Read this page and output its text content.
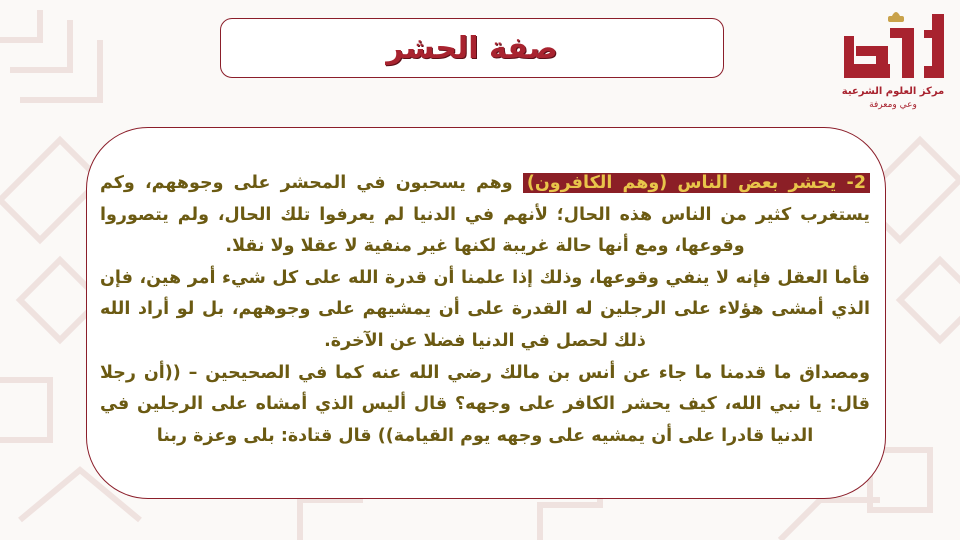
صفة الحشر
مركز العلوم الشرعية
وعي ومعرفة

2- يحشر بعض الناس (وهم الكافرون) وهم يسحبون في المحشر على وجوههم، وكم يستغرب كثير من الناس هذه الحال؛ لأنهم في الدنيا لم يعرفوا تلك الحال، ولم يتصوروا وقوعها، ومع أنها حالة غريبة لكنها غير منفية لا عقلا ولا نقلا.

فأما العقل فإنه لا ينفي وقوعها، وذلك إذا علمنا أن قدرة الله على كل شيء أمر هين، فإن الذي أمشى هؤلاء على الرجلين له القدرة على أن يمشيهم على وجوههم، بل لو أراد الله ذلك لحصل في الدنيا فضلا عن الآخرة.

ومصداق ما قدمنا ما جاء عن أنس بن مالك رضي الله عنه كما في الصحيحين – ((أن رجلا قال: يا نبي الله، كيف يحشر الكافر على وجهه؟ قال أليس الذي أمشاه على الرجلين في الدنيا قادرا على أن يمشيه على وجهه يوم القيامة)) قال قتادة: بلى وعزة ربنا
